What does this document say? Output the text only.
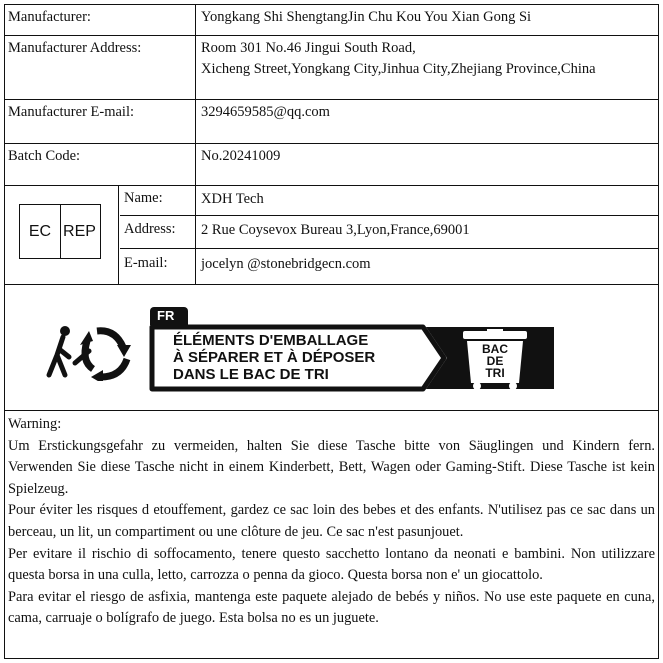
Manufacturer:	Yongkang Shi ShengtangJin Chu Kou You Xian Gong Si
Manufacturer Address:	Room 301 No.46 Jingui South Road,
Xicheng Street,Yongkang City,Jinhua City,Zhejiang Province,China
Manufacturer E-mail:	3294659585@qq.com
Batch Code:	No.20241009
EC REP
Name:	XDH Tech
Address: 2 Rue Coysevox Bureau 3,Lyon,France,69001
E-mail: jocelyn @stonebridgecn.com
FR
ÉLÉMENTS D'EMBALLAGE
À SÉPARER ET À DÉPOSER
DANS LE BAC DE TRI
BAC
DE
TRI

Warning:

Um Erstickungsgefahr zu vermeiden, halten Sie diese Tasche bitte von Säuglingen und Kindern fern. Verwenden Sie diese Tasche nicht in einem Kinderbett, Bett, Wagen oder Gaming-Stift. Diese Tasche ist kein Spielzeug.

Pour éviter les risques d etouffement, gardez ce sac loin des bebes et des enfants. N'utilisez pas ce sac dans un berceau, un lit, un compartiment ou une clôture de jeu. Ce sac n'est pasunjouet.

Per evitare il rischio di soffocamento, tenere questo sacchetto lontano da neonati e bambini. Non utilizzare questa borsa in una culla, letto, carrozza o penna da gioco. Questa borsa non e' un giocattolo.

Para evitar el riesgo de asfixia, mantenga este paquete alejado de bebés y niños. No use este paquete en cuna, cama, carruaje o bolígrafo de juego. Esta bolsa no es un juguete.
